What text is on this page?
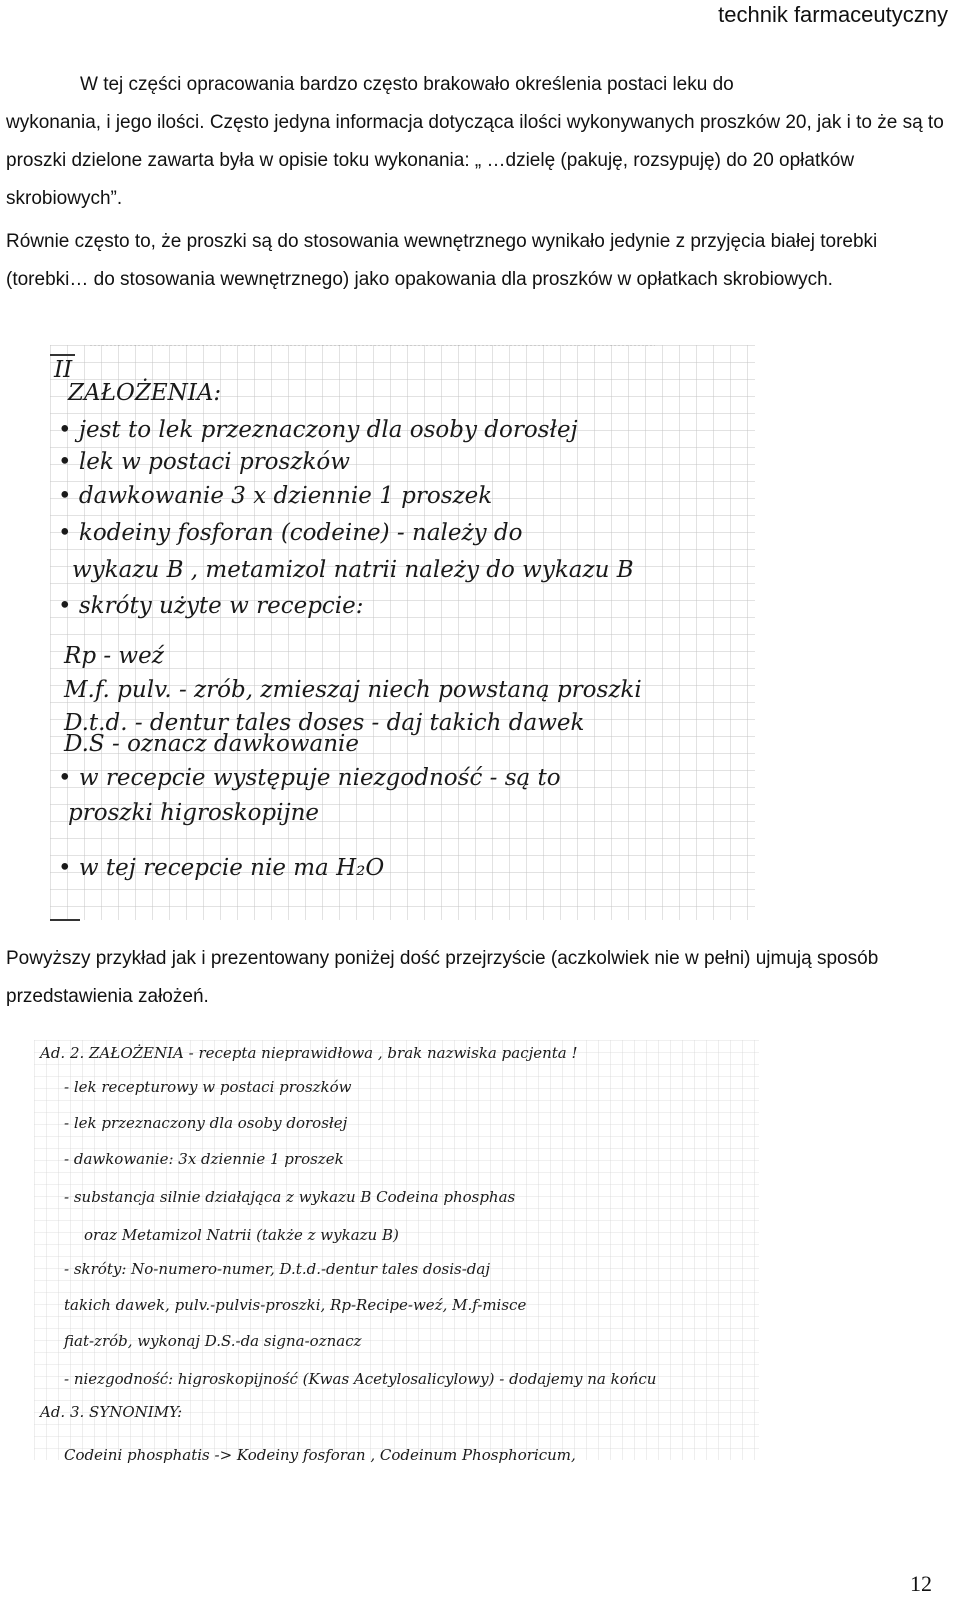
technik farmaceutyczny
W tej części opracowania bardzo często brakowało określenia postaci leku do
wykonania, i jego ilości. Często jedyna informacja dotycząca ilości wykonywanych proszków 20, jak i to że są to proszki dzielone zawarta była w opisie toku wykonania: „ …dzielę (pakuję, rozsypuję) do 20 opłatków skrobiowych”.
Równie często to, że proszki są do stosowania wewnętrznego wynikało jedynie z przyjęcia białej torebki (torebki… do stosowania wewnętrznego) jako opakowania dla proszków w opłatkach skrobiowych.
II
ZAŁOŻENIA:
• jest to lek przeznaczony dla osoby dorosłej
• lek w postaci proszków
• dawkowanie 3 x dziennie 1 proszek
• kodeiny fosforan (codeine) - należy do
wykazu B , metamizol natrii należy do wykazu B
• skróty użyte w recepcie:
Rp - weź
M.f. pulv. - zrób, zmieszaj niech powstaną proszki
D.t.d. - dentur tales doses - daj takich dawek
D.S - oznacz dawkowanie
• w recepcie występuje niezgodność - są to
proszki higroskopijne
• w tej recepcie nie ma H₂O
Powyższy przykład jak i prezentowany poniżej dość przejrzyście (aczkolwiek nie w pełni) ujmują sposób przedstawienia założeń.
Ad. 2. ZAŁOŻENIA - recepta nieprawidłowa , brak nazwiska pacjenta !
- lek recepturowy w postaci proszków
- lek przeznaczony dla osoby dorosłej
- dawkowanie: 3x dziennie 1 proszek
- substancja silnie działająca z wykazu B Codeina phosphas
oraz Metamizol Natrii (także z wykazu B)
- skróty: No-numero-numer, D.t.d.-dentur tales dosis-daj
takich dawek, pulv.-pulvis-proszki, Rp-Recipe-weź, M.f-misce
fiat-zrób, wykonaj D.S.-da signa-oznacz
- niezgodność: higroskopijność (Kwas Acetylosalicylowy) - dodajemy na końcu
Ad. 3. SYNONIMY:
Codeini phosphatis -> Kodeiny fosforan , Codeinum Phosphoricum,
12
